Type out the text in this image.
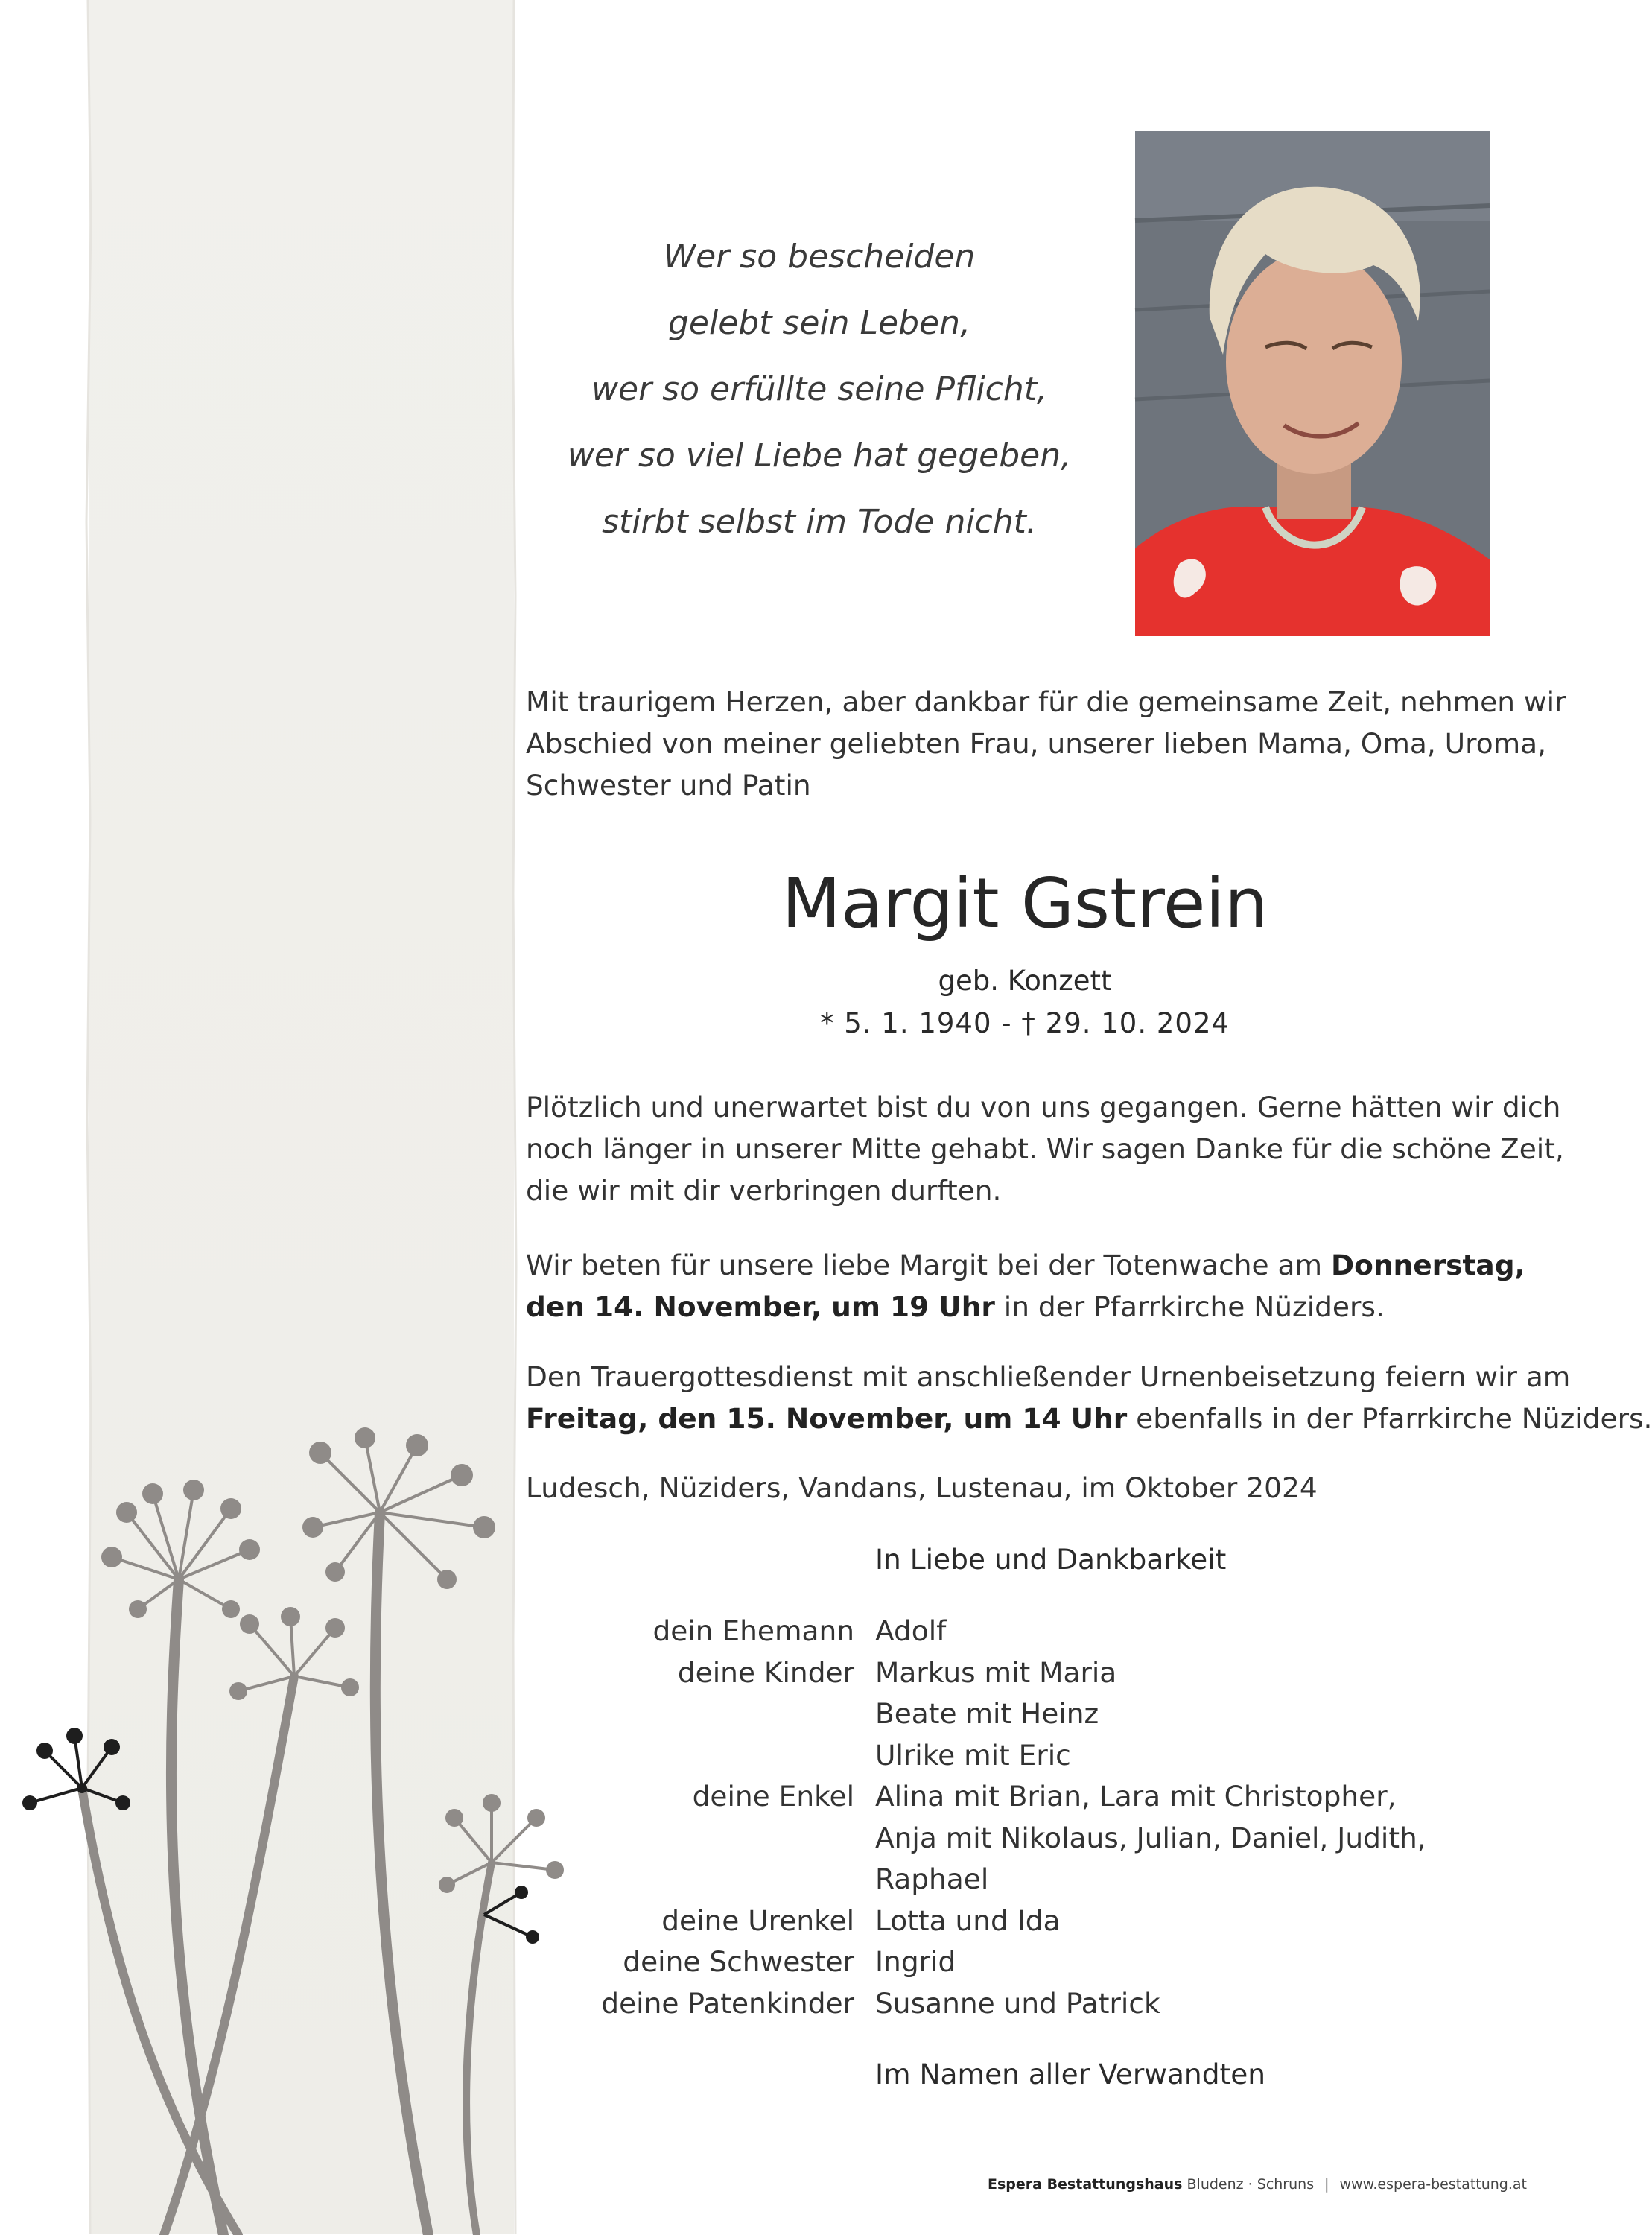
Wer so bescheiden
gelebt sein Leben,
wer so erfüllte seine Pflicht,
wer so viel Liebe hat gegeben,
stirbt selbst im Tode nicht.
Mit traurigem Herzen, aber dankbar für die gemeinsame Zeit, nehmen wir
Abschied von meiner geliebten Frau, unserer lieben Mama, Oma, Uroma,
Schwester und Patin
Margit Gstrein
geb. Konzett
* 5. 1. 1940 - † 29. 10. 2024
Plötzlich und unerwartet bist du von uns gegangen. Gerne hätten wir dich
noch länger in unserer Mitte gehabt. Wir sagen Danke für die schöne Zeit,
die wir mit dir verbringen durften.
Wir beten für unsere liebe Margit bei der Totenwache am Donnerstag,
den 14. November, um 19 Uhr in der Pfarrkirche Nüziders.
Den Trauergottesdienst mit anschließender Urnenbeisetzung feiern wir am
Freitag, den 15. November, um 14 Uhr ebenfalls in der Pfarrkirche Nüziders.
Ludesch, Nüziders, Vandans, Lustenau, im Oktober 2024
In Liebe und Dankbarkeit
dein Ehemann Adolf
deine Kinder Markus mit Maria
Beate mit Heinz
Ulrike mit Eric
deine Enkel Alina mit Brian, Lara mit Christopher,
Anja mit Nikolaus, Julian, Daniel, Judith,
Raphael
deine Urenkel Lotta und Ida
deine Schwester Ingrid
deine Patenkinder Susanne und Patrick
Im Namen aller Verwandten
Espera Bestattungshaus Bludenz · Schruns | www.espera-bestattung.at
